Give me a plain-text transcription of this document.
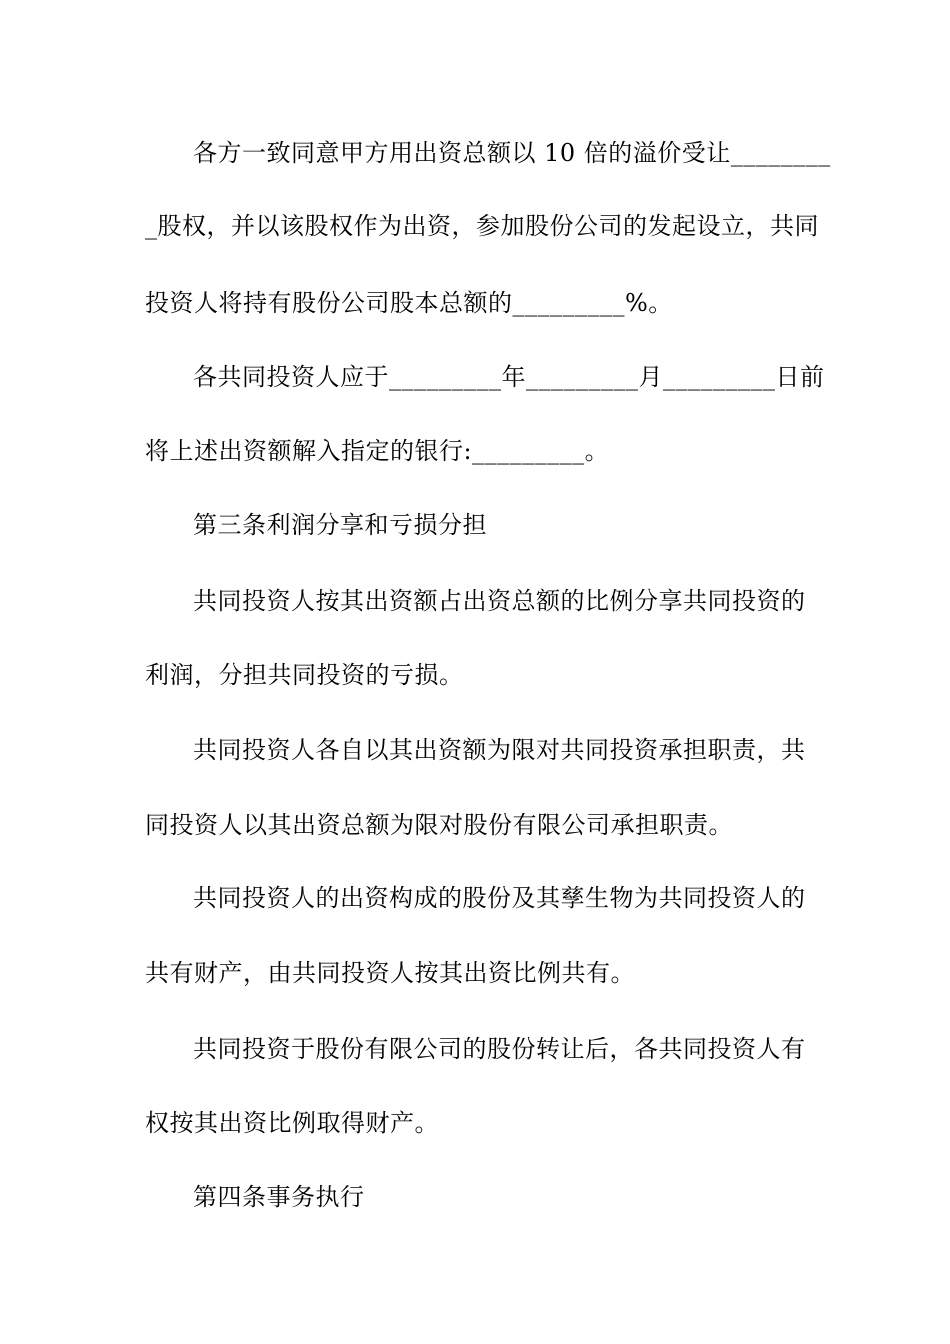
各方一致同意甲方用出资总额以 10 倍的溢价受让________
_股权，并以该股权作为出资，参加股份公司的发起设立，共同
投资人将持有股份公司股本总额的_________%。
各共同投资人应于_________年_________月_________日前
将上述出资额解入指定的银行:_________。
第三条利润分享和亏损分担
共同投资人按其出资额占出资总额的比例分享共同投资的
利润，分担共同投资的亏损。
共同投资人各自以其出资额为限对共同投资承担职责，共
同投资人以其出资总额为限对股份有限公司承担职责。
共同投资人的出资构成的股份及其孳生物为共同投资人的
共有财产，由共同投资人按其出资比例共有。
共同投资于股份有限公司的股份转让后，各共同投资人有
权按其出资比例取得财产。
第四条事务执行
